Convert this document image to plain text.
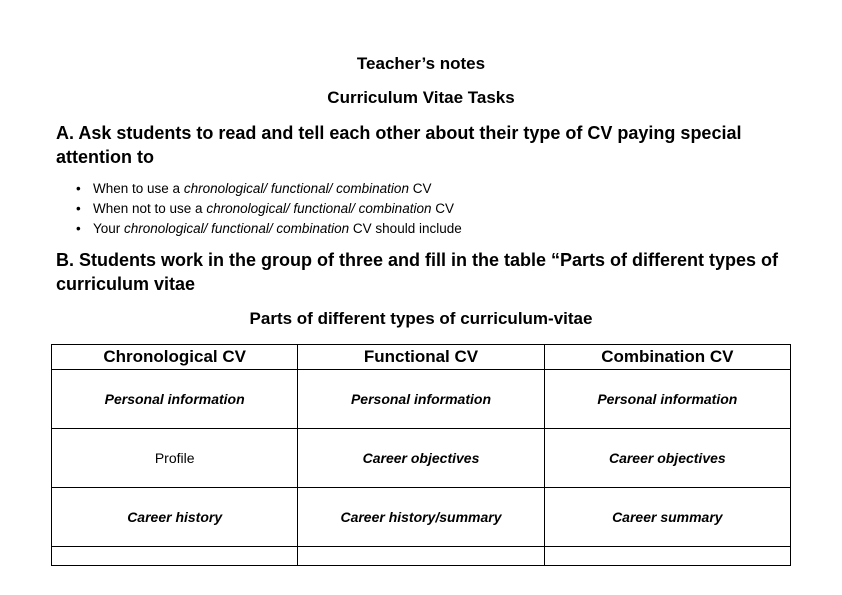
Teacher’s notes
Curriculum Vitae Tasks
A. Ask students to read and tell each other about their type of CV paying special attention to
• When to use a chronological/ functional/ combination CV
• When not to use a chronological/ functional/ combination CV
• Your chronological/ functional/ combination CV should include
B. Students work in the group of three and fill in the table “Parts of different types of curriculum vitae
Parts of different types of curriculum-vitae
Chronological CV	Functional CV	Combination CV
Personal information	Personal information	Personal information
Profile	Career objectives	Career objectives
Career history	Career history/summary	Career summary
